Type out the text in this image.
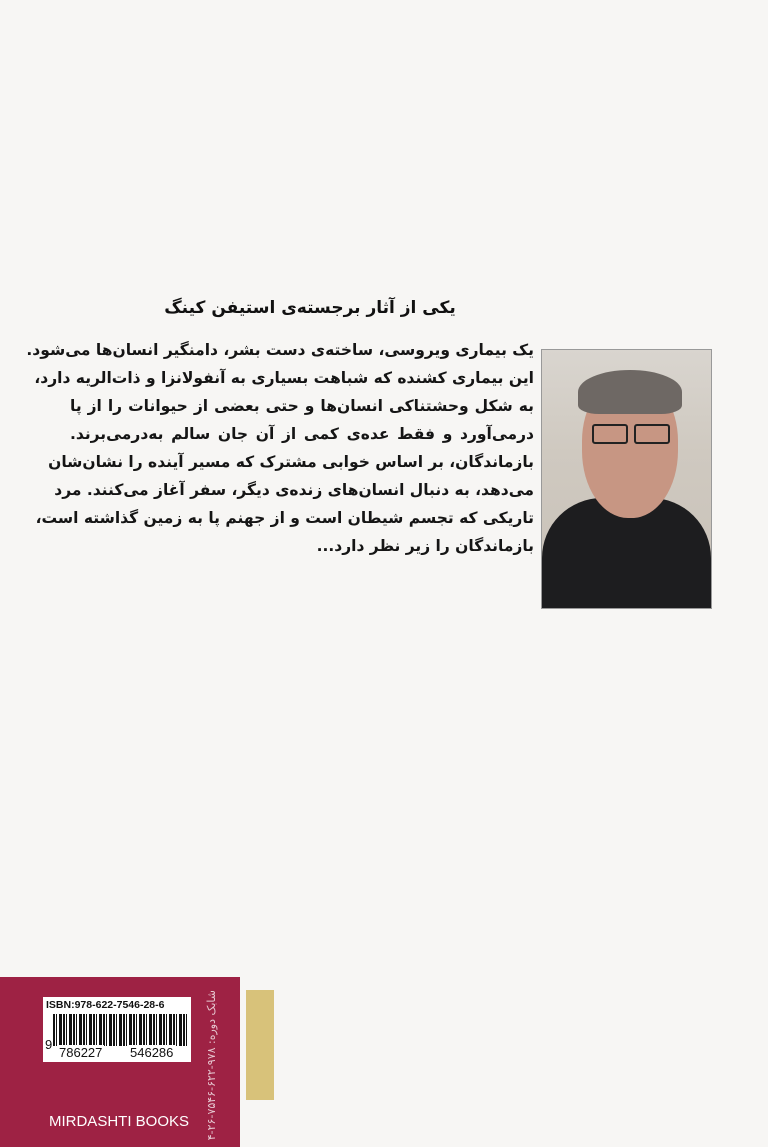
یکی از آثار برجسته‌ی استیفن کینگ
یک بیماری ویروسی، ساخته‌ی دست بشر، دامنگیر انسان‌ها می‌شود.
این بیماری کشنده که شباهت بسیاری به آنفولانزا و ذات‌الریه دارد،
به شکل وحشتناکی انسان‌ها و حتی بعضی از حیوانات را از پا
درمی‌آورد و فقط عده‌ی کمی از آن جان سالم به‌درمی‌برند.
بازماندگان، بر اساس خوابی مشترک که مسیر آینده را نشان‌شان
می‌دهد، به دنبال انسان‌های زنده‌ی دیگر، سفر آغاز می‌کنند. مرد
تاریکی که تجسم شیطان است و از جهنم پا به زمین گذاشته است،
بازماندگان را زیر نظر دارد...
ISBN:978-622-7546-28-6
9
786227 546286
MIRDASHTI BOOKS
شابک دوره: ۹۷۸-۶۲۲-۷۵۴۶-۲۶-۴
